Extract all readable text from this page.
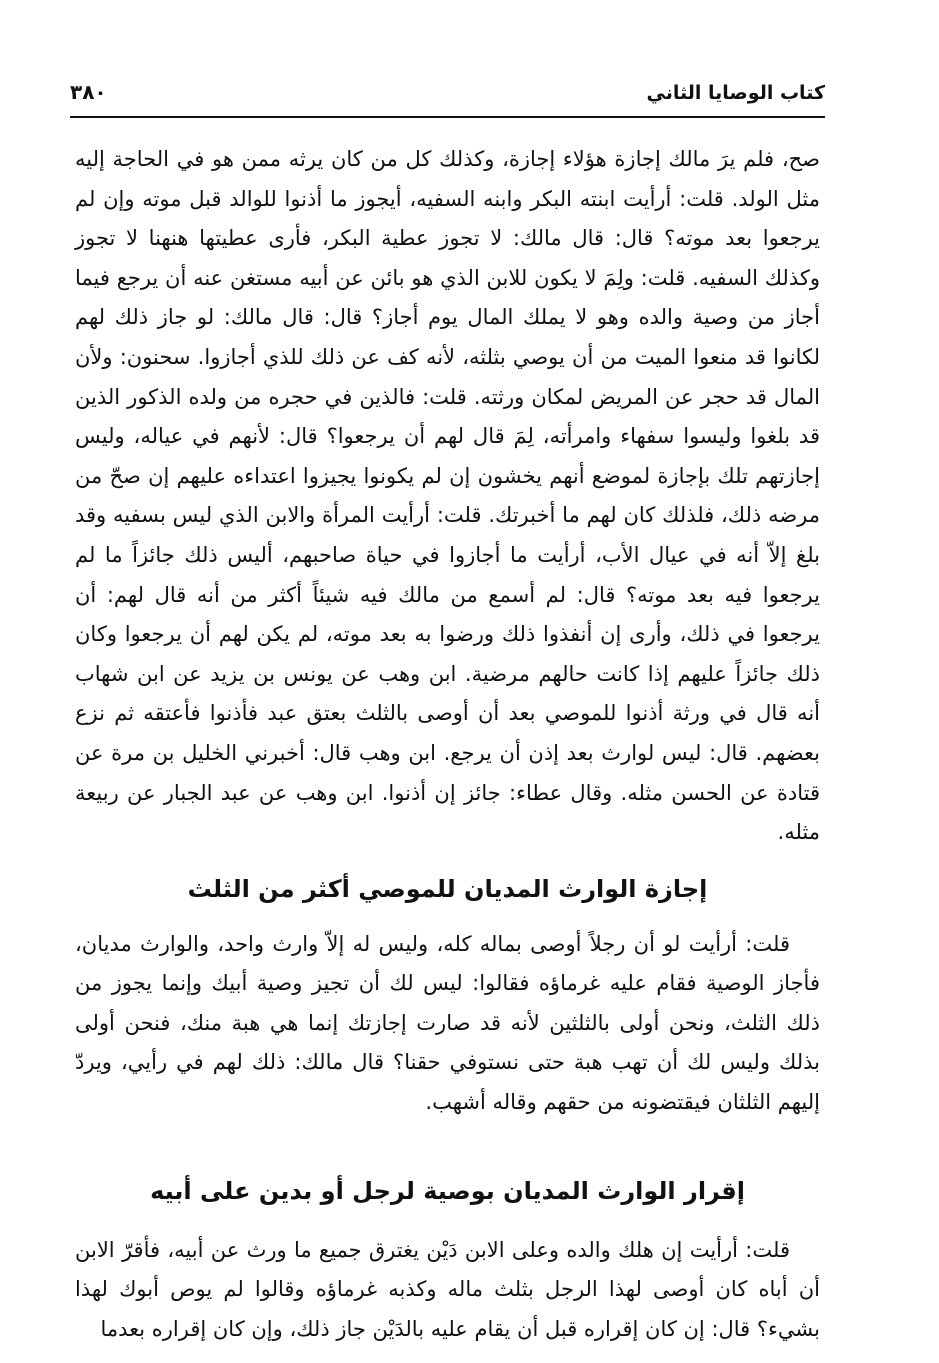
كتاب الوصايا الثاني
٣٨٠

صح، فلم يرَ مالك إجازة هؤلاء إجازة، وكذلك كل من كان يرثه ممن هو في الحاجة إليه مثل الولد. قلت: أرأيت ابنته البكر وابنه السفيه، أيجوز ما أذنوا للوالد قبل موته وإن لم يرجعوا بعد موته؟ قال: قال مالك: لا تجوز عطية البكر، فأرى عطيتها هنهنا لا تجوز وكذلك السفيه. قلت: ولِمَ لا يكون للابن الذي هو بائن عن أبيه مستغن عنه أن يرجع فيما أجاز من وصية والده وهو لا يملك المال يوم أجاز؟ قال: قال مالك: لو جاز ذلك لهم لكانوا قد منعوا الميت من أن يوصي بثلثه، لأنه كف عن ذلك للذي أجازوا. سحنون: ولأن المال قد حجر عن المريض لمكان ورثته. قلت: فالذين في حجره من ولده الذكور الذين قد بلغوا وليسوا سفهاء وامرأته، لِمَ قال لهم أن يرجعوا؟ قال: لأنهم في عياله، وليس إجازتهم تلك بإجازة لموضع أنهم يخشون إن لم يكونوا يجيزوا اعتداءه عليهم إن صحّ من مرضه ذلك، فلذلك كان لهم ما أخبرتك. قلت: أرأيت المرأة والابن الذي ليس بسفيه وقد بلغ إلاّ أنه في عيال الأب، أرأيت ما أجازوا في حياة صاحبهم، أليس ذلك جائزاً ما لم يرجعوا فيه بعد موته؟ قال: لم أسمع من مالك فيه شيئاً أكثر من أنه قال لهم: أن يرجعوا في ذلك، وأرى إن أنفذوا ذلك ورضوا به بعد موته، لم يكن لهم أن يرجعوا وكان ذلك جائزاً عليهم إذا كانت حالهم مرضية. ابن وهب عن يونس بن يزيد عن ابن شهاب أنه قال في ورثة أذنوا للموصي بعد أن أوصى بالثلث بعتق عبد فأذنوا فأعتقه ثم نزع بعضهم. قال: ليس لوارث بعد إذن أن يرجع. ابن وهب قال: أخبرني الخليل بن مرة عن قتادة عن الحسن مثله. وقال عطاء: جائز إن أذنوا. ابن وهب عن عبد الجبار عن ربيعة مثله.

إجازة الوارث المديان للموصي أكثر من الثلث

قلت: أرأيت لو أن رجلاً أوصى بماله كله، وليس له إلاّ وارث واحد، والوارث مديان، فأجاز الوصية فقام عليه غرماؤه فقالوا: ليس لك أن تجيز وصية أبيك وإنما يجوز من ذلك الثلث، ونحن أولى بالثلثين لأنه قد صارت إجازتك إنما هي هبة منك، فنحن أولى بذلك وليس لك أن تهب هبة حتى نستوفي حقنا؟ قال مالك: ذلك لهم في رأيي، ويردّ إليهم الثلثان فيقتضونه من حقهم وقاله أشهب.

إقرار الوارث المديان بوصية لرجل أو بدين على أبيه

قلت: أرأيت إن هلك والده وعلى الابن دَيْن يغترق جميع ما ورث عن أبيه، فأقرّ الابن أن أباه كان أوصى لهذا الرجل بثلث ماله وكذبه غرماؤه وقالوا لم يوص أبوك لهذا بشيء؟ قال: إن كان إقراره قبل أن يقام عليه بالدَيْن جاز ذلك، وإن كان إقراره بعدما
